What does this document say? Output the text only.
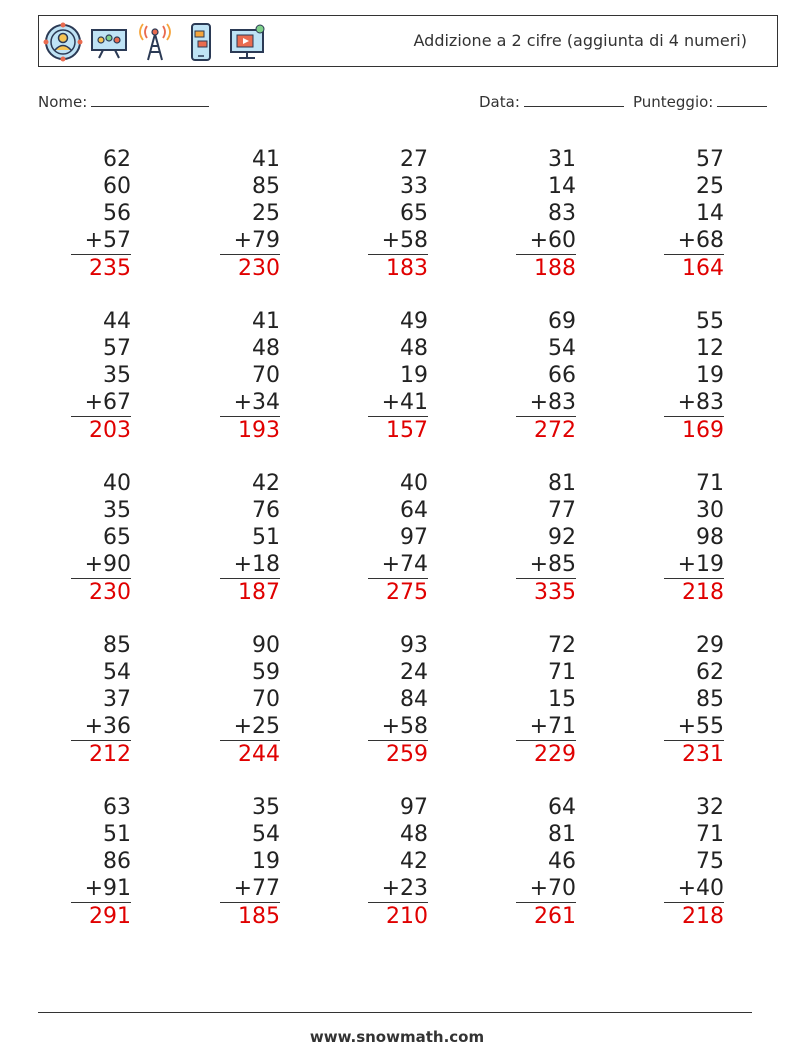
Addizione a 2 cifre (aggiunta di 4 numeri)
Nome:	Data:	Punteggio:
62
60
56
+57
235
41
85
25
+79
230
27
33
65
+58
183
31
14
83
+60
188
57
25
14
+68
164
44
57
35
+67
203
41
48
70
+34
193
49
48
19
+41
157
69
54
66
+83
272
55
12
19
+83
169
40
35
65
+90
230
42
76
51
+18
187
40
64
97
+74
275
81
77
92
+85
335
71
30
98
+19
218
85
54
37
+36
212
90
59
70
+25
244
93
24
84
+58
259
72
71
15
+71
229
29
62
85
+55
231
63
51
86
+91
291
35
54
19
+77
185
97
48
42
+23
210
64
81
46
+70
261
32
71
75
+40
218
www.snowmath.com
